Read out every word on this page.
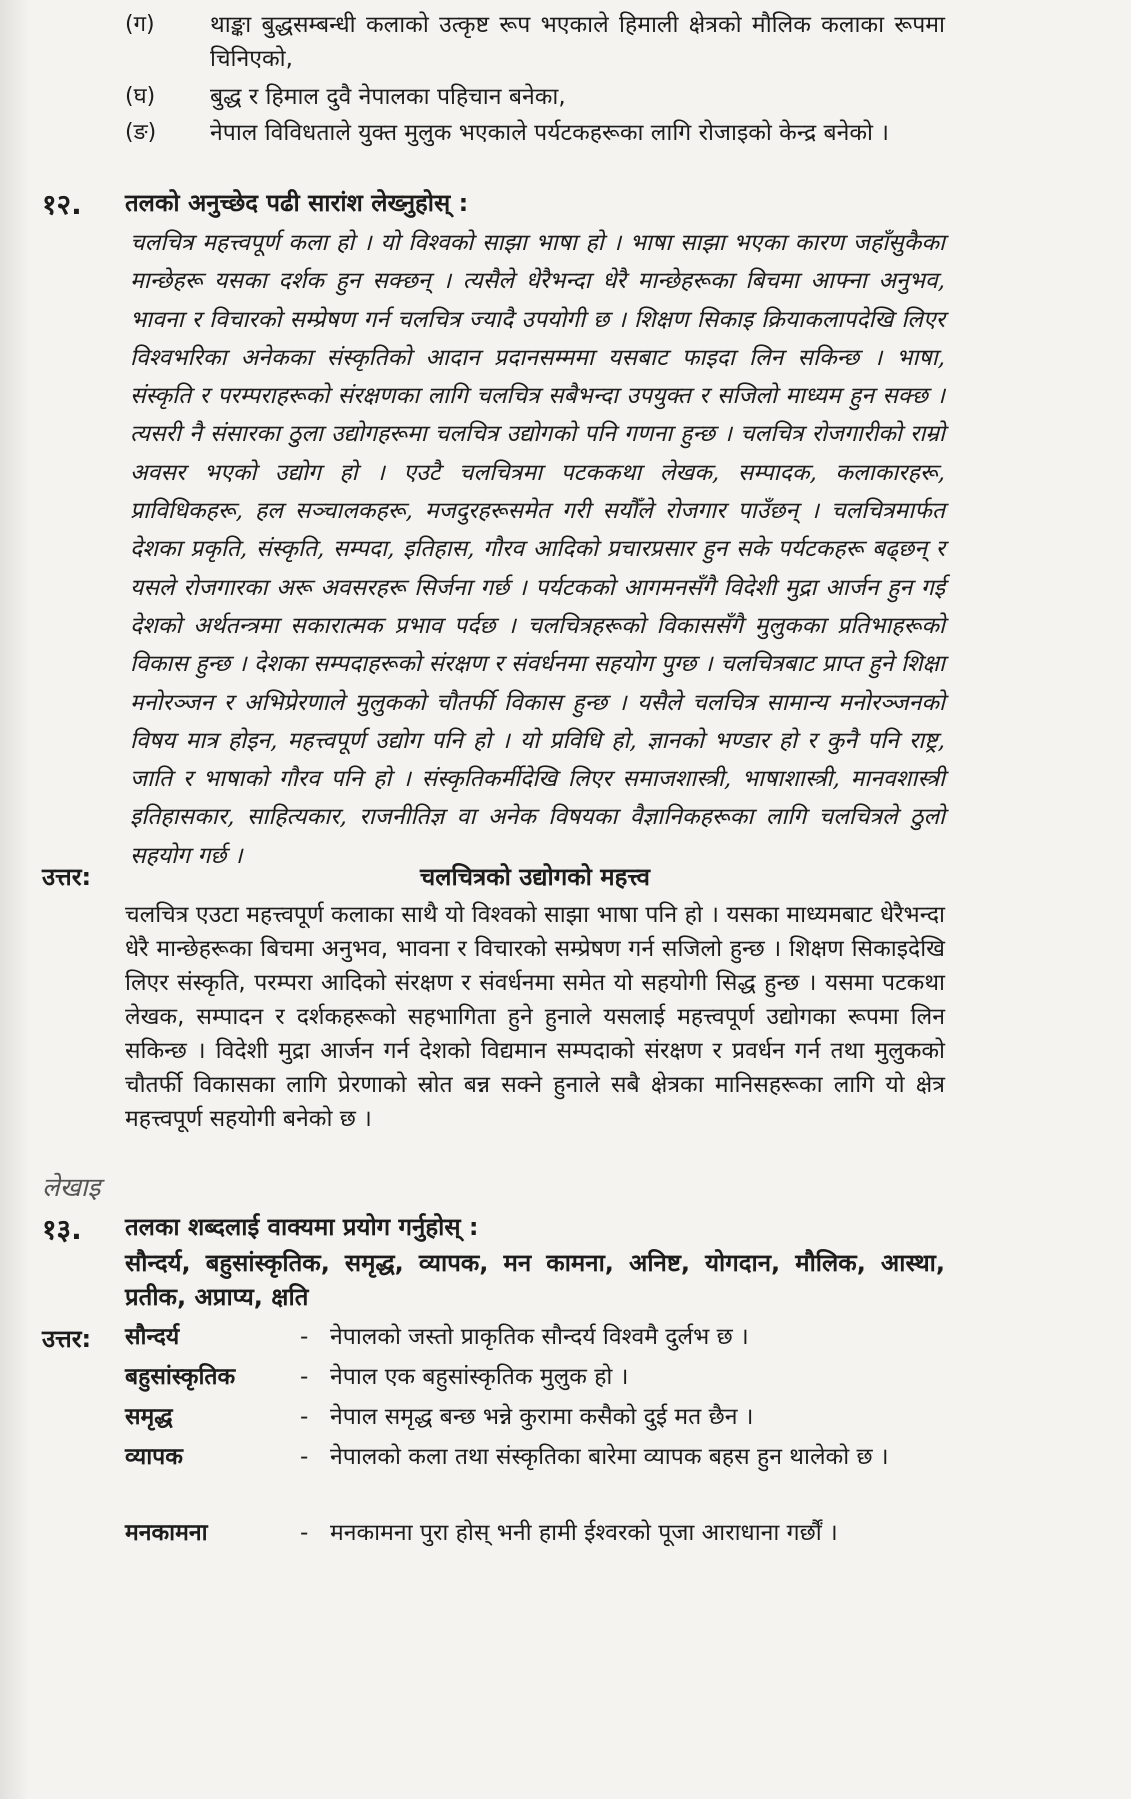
(ग) थाङ्का बुद्धसम्बन्धी कलाको उत्कृष्ट रूप भएकाले हिमाली क्षेत्रको मौलिक कलाका रूपमा चिनिएको,
(घ) बुद्ध र हिमाल दुवै नेपालका पहिचान बनेका,
(ङ) नेपाल विविधताले युक्त मुलुक भएकाले पर्यटकहरूका लागि रोजाइको केन्द्र बनेको ।
१२. तलको अनुच्छेद पढी सारांश लेख्नुहोस् :
चलचित्र महत्त्वपूर्ण कला हो । यो विश्वको साझा भाषा हो । भाषा साझा भएका कारण जहाँसुकैका मान्छेहरू यसका दर्शक हुन सक्छन् । त्यसैले धेरैभन्दा धेरै मान्छेहरूका बिचमा आफ्ना अनुभव, भावना र विचारको सम्प्रेषण गर्न चलचित्र ज्यादै उपयोगी छ । शिक्षण सिकाइ क्रियाकलापदेखि लिएर विश्वभरिका अनेकका संस्कृतिको आदान प्रदानसम्ममा यसबाट फाइदा लिन सकिन्छ । भाषा, संस्कृति र परम्पराहरूको संरक्षणका लागि चलचित्र सबैभन्दा उपयुक्त र सजिलो माध्यम हुन सक्छ । त्यसरी नै संसारका ठुला उद्योगहरूमा चलचित्र उद्योगको पनि गणना हुन्छ । चलचित्र रोजगारीको राम्रो अवसर भएको उद्योग हो । एउटै चलचित्रमा पटककथा लेखक, सम्पादक, कलाकारहरू, प्राविधिकहरू, हल सञ्चालकहरू, मजदुरहरूसमेत गरी सयौँले रोजगार पाउँछन् । चलचित्रमार्फत देशका प्रकृति, संस्कृति, सम्पदा, इतिहास, गौरव आदिको प्रचारप्रसार हुन सके पर्यटकहरू बढ्छन् र यसले रोजगारका अरू अवसरहरू सिर्जना गर्छ । पर्यटकको आगमनसँगै विदेशी मुद्रा आर्जन हुन गई देशको अर्थतन्त्रमा सकारात्मक प्रभाव पर्दछ । चलचित्रहरूको विकाससँगै मुलुकका प्रतिभाहरूको विकास हुन्छ । देशका सम्पदाहरूको संरक्षण र संवर्धनमा सहयोग पुग्छ । चलचित्रबाट प्राप्त हुने शिक्षा मनोरञ्जन र अभिप्रेरणाले मुलुकको चौतर्फी विकास हुन्छ । यसैले चलचित्र सामान्य मनोरञ्जनको विषय मात्र होइन, महत्त्वपूर्ण उद्योग पनि हो । यो प्रविधि हो, ज्ञानको भण्डार हो र कुनै पनि राष्ट्र, जाति र भाषाको गौरव पनि हो । संस्कृतिकर्मीदेखि लिएर समाजशास्त्री, भाषाशास्त्री, मानवशास्त्री इतिहासकार, साहित्यकार, राजनीतिज्ञ वा अनेक विषयका वैज्ञानिकहरूका लागि चलचित्रले ठुलो सहयोग गर्छ ।
उत्तर:	चलचित्रको उद्योगको महत्त्व
चलचित्र एउटा महत्त्वपूर्ण कलाका साथै यो विश्वको साझा भाषा पनि हो । यसका माध्यमबाट धेरैभन्दा धेरै मान्छेहरूका बिचमा अनुभव, भावना र विचारको सम्प्रेषण गर्न सजिलो हुन्छ । शिक्षण सिकाइदेखि लिएर संस्कृति, परम्परा आदिको संरक्षण र संवर्धनमा समेत यो सहयोगी सिद्ध हुन्छ । यसमा पटकथा लेखक, सम्पादन र दर्शकहरूको सहभागिता हुने हुनाले यसलाई महत्त्वपूर्ण उद्योगका रूपमा लिन सकिन्छ । विदेशी मुद्रा आर्जन गर्न देशको विद्यमान सम्पदाको संरक्षण र प्रवर्धन गर्न तथा मुलुकको चौतर्फी विकासका लागि प्रेरणाको स्रोत बन्न सक्ने हुनाले सबै क्षेत्रका मानिसहरूका लागि यो क्षेत्र महत्त्वपूर्ण सहयोगी बनेको छ ।
लेखाइ
१३. तलका शब्दलाई वाक्यमा प्रयोग गर्नुहोस् :
सौन्दर्य, बहुसांस्कृतिक, समृद्ध, व्यापक, मन कामना, अनिष्ट, योगदान, मौलिक, आस्था, प्रतीक, अप्राप्य, क्षति
उत्तर: सौन्दर्य	- नेपालको जस्तो प्राकृतिक सौन्दर्य विश्वमै दुर्लभ छ ।
बहुसांस्कृतिक	- नेपाल एक बहुसांस्कृतिक मुलुक हो ।
समृद्ध	- नेपाल समृद्ध बन्छ भन्ने कुरामा कसैको दुई मत छैन ।
व्यापक	- नेपालको कला तथा संस्कृतिका बारेमा व्यापक बहस हुन थालेको छ ।
मनकामना	- मनकामना पुरा होस् भनी हामी ईश्वरको पूजा आराधाना गर्छौं ।
